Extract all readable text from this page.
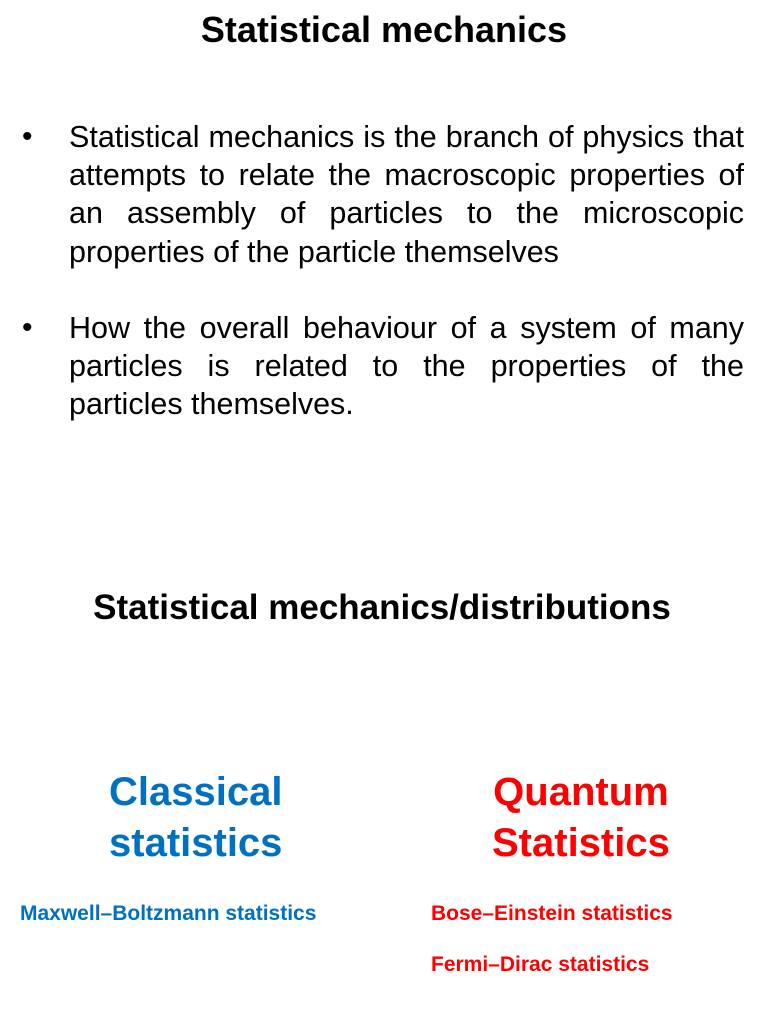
Statistical mechanics
•	Statistical mechanics is the branch of physics that attempts to relate the macroscopic properties of an assembly of particles to the microscopic properties of the particle themselves
•	How the overall behaviour of a system of many particles is related to the properties of the particles themselves.
Statistical mechanics/distributions
Classical
statistics
Quantum
Statistics
Maxwell–Boltzmann statistics	Bose–Einstein statistics
Fermi–Dirac statistics
